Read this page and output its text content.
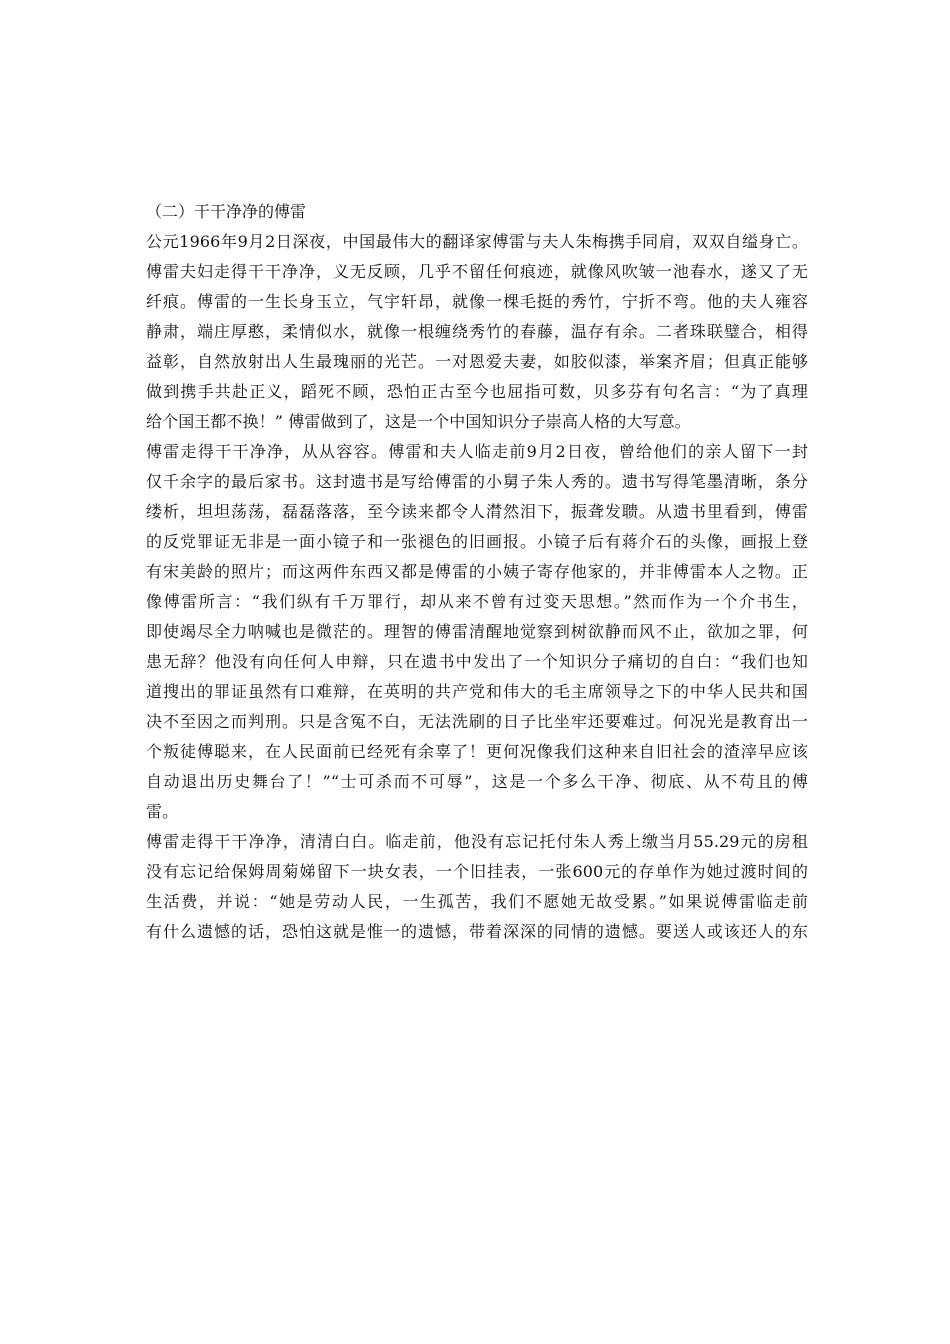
（二）干干净净的傅雷
公元1966年9月2日深夜，中国最伟大的翻译家傅雷与夫人朱梅携手同肩，双双自缢身亡。
傅雷夫妇走得干干净净，义无反顾，几乎不留任何痕迹，就像风吹皱一池春水，遂又了无
纤痕。傅雷的一生长身玉立，气宇轩昂，就像一棵毛挺的秀竹，宁折不弯。他的夫人雍容
静肃，端庄厚憨，柔情似水，就像一根缠绕秀竹的春藤，温存有余。二者珠联璧合，相得
益彰，自然放射出人生最瑰丽的光芒。一对恩爱夫妻，如胶似漆，举案齐眉；但真正能够
做到携手共赴正义，蹈死不顾，恐怕正古至今也屈指可数，贝多芬有句名言：“为了真理
给个国王都不换！” 傅雷做到了，这是一个中国知识分子崇高人格的大写意。
傅雷走得干干净净，从从容容。傅雷和夫人临走前9月2日夜，曾给他们的亲人留下一封
仅千余字的最后家书。这封遗书是写给傅雷的小舅子朱人秀的。遗书写得笔墨清晰，条分
缕析，坦坦荡荡，磊磊落落，至今读来都令人潸然泪下，振聋发聩。从遗书里看到，傅雷
的反党罪证无非是一面小镜子和一张褪色的旧画报。小镜子后有蒋介石的头像，画报上登
有宋美龄的照片；而这两件东西又都是傅雷的小姨子寄存他家的，并非傅雷本人之物。正
像傅雷所言：“我们纵有千万罪行，却从来不曾有过变天思想。”然而作为一个介书生，
即使竭尽全力呐喊也是微茫的。理智的傅雷清醒地觉察到树欲静而风不止，欲加之罪，何
患无辞？他没有向任何人申辩，只在遗书中发出了一个知识分子痛切的自白：“我们也知
道搜出的罪证虽然有口难辩，在英明的共产党和伟大的毛主席领导之下的中华人民共和国
决不至因之而判刑。只是含冤不白，无法洗刷的日子比坐牢还要难过。何况光是教育出一
个叛徒傅聪来，在人民面前已经死有余辜了！更何况像我们这种来自旧社会的渣滓早应该
自动退出历史舞台了！”“士可杀而不可辱”，这是一个多么干净、彻底、从不苟且的傅
雷。
傅雷走得干干净净，清清白白。临走前，他没有忘记托付朱人秀上缴当月55.29元的房租
没有忘记给保姆周菊娣留下一块女表，一个旧挂表，一张600元的存单作为她过渡时间的
生活费，并说：“她是劳动人民，一生孤苦，我们不愿她无故受累。”如果说傅雷临走前
有什么遗憾的话，恐怕这就是惟一的遗憾，带着深深的同情的遗憾。要送人或该还人的东
